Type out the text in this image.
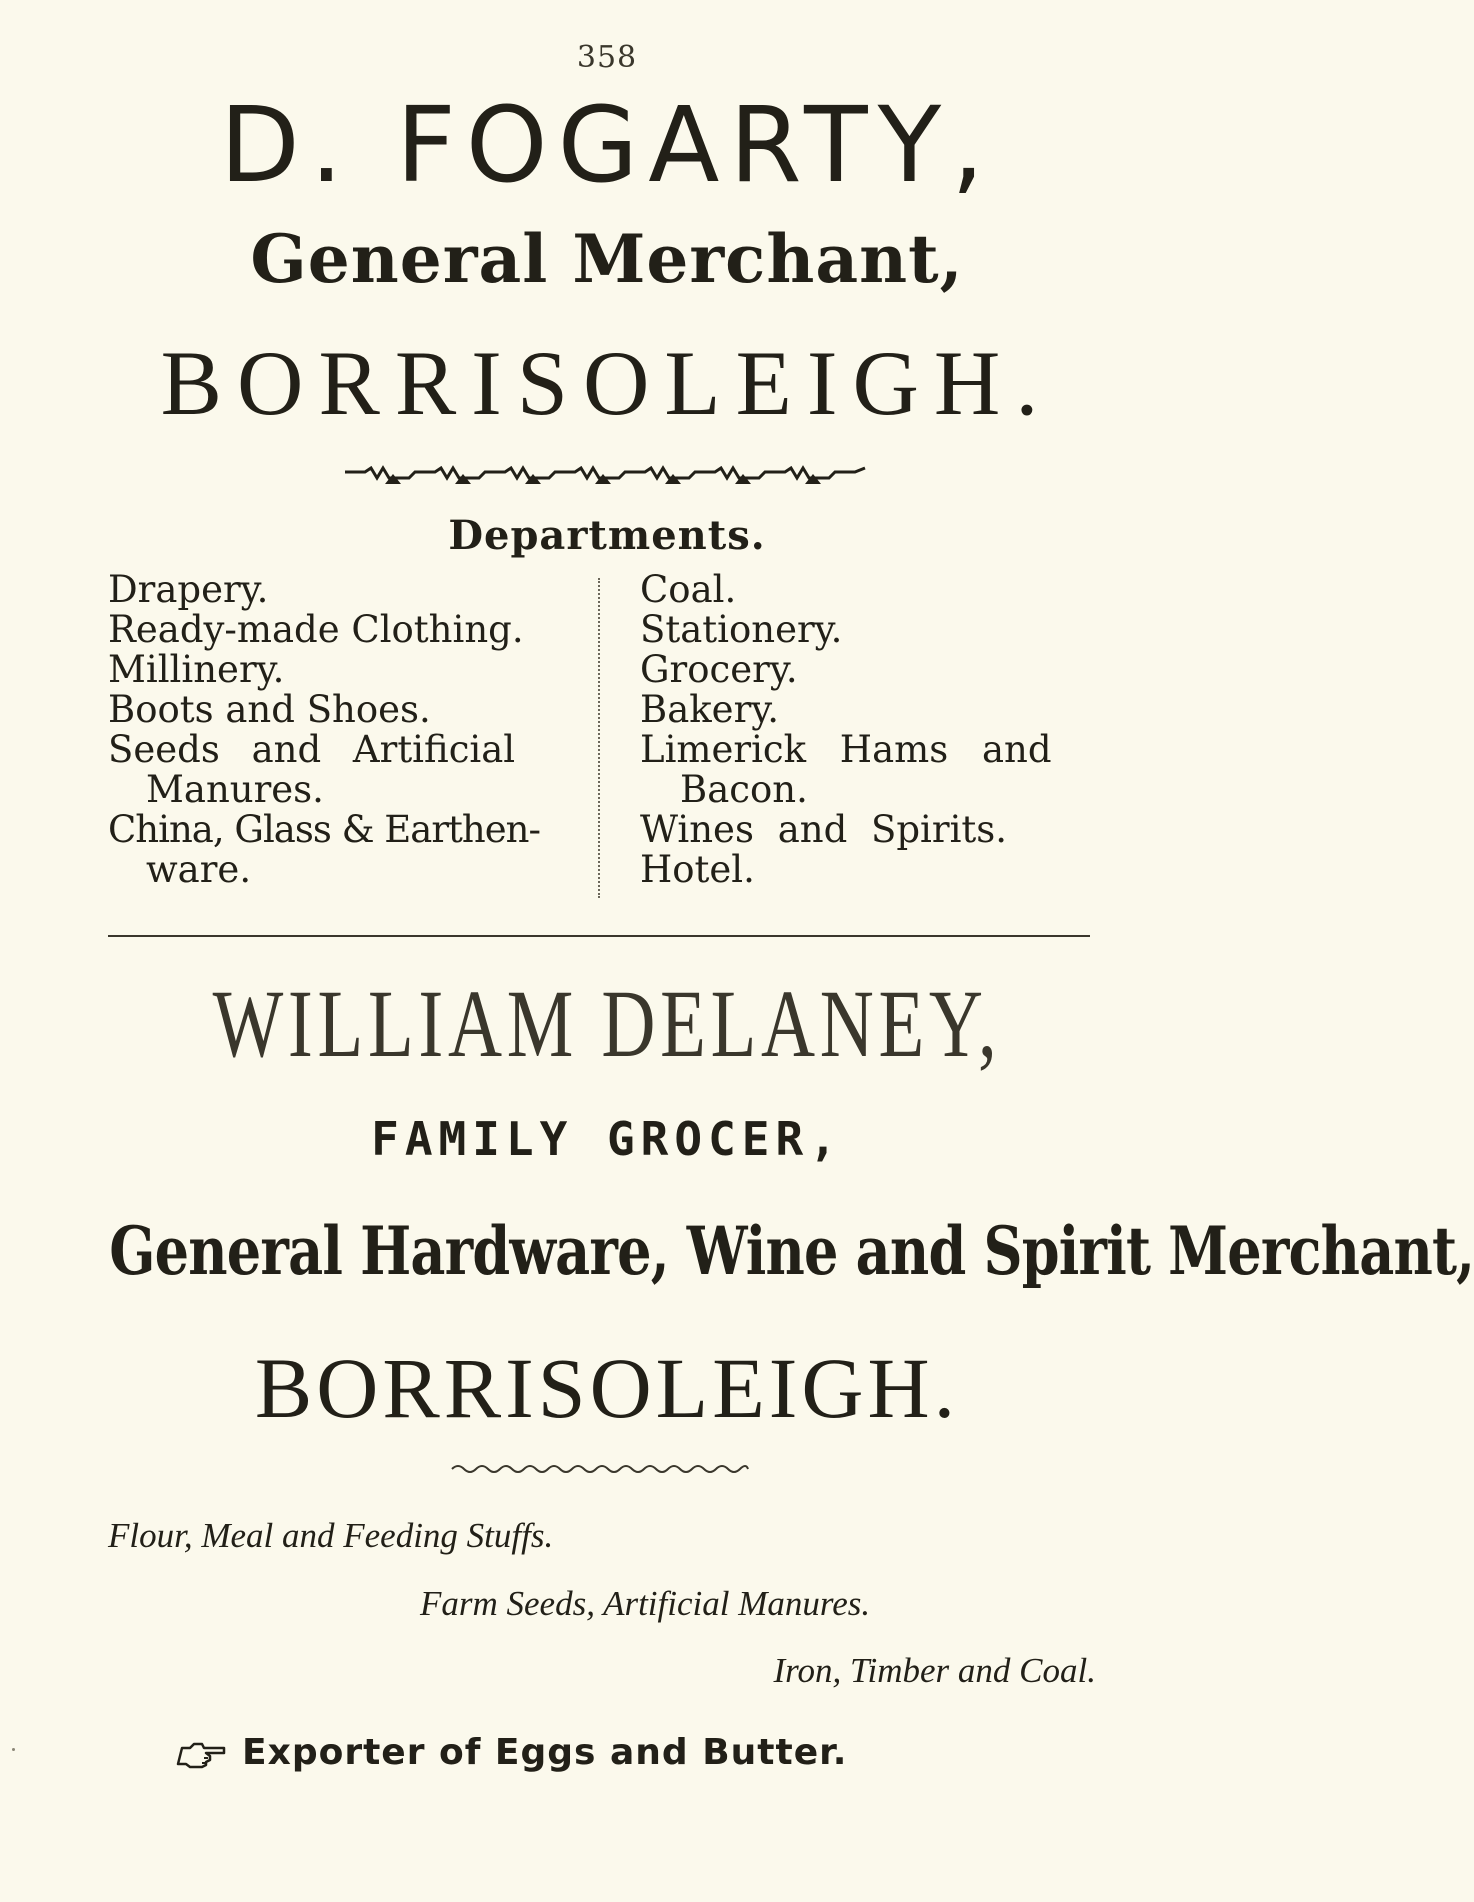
358
D. FOGARTY,
General Merchant,
BORRISOLEIGH.
Departments.
Drapery.
Ready-made Clothing.
Millinery.
Boots and Shoes.
Seeds and Artificial
Manures.
China, Glass & Earthen-
ware.
Coal.
Stationery.
Grocery.
Bakery.
Limerick Hams and
Bacon.
Wines and Spirits.
Hotel.
WILLIAM DELANEY,
FAMILY GROCER,
General Hardware, Wine and Spirit Merchant,
BORRISOLEIGH.
Flour, Meal and Feeding Stuffs.
Farm Seeds, Artificial Manures.
Iron, Timber and Coal.
Exporter of Eggs and Butter.
